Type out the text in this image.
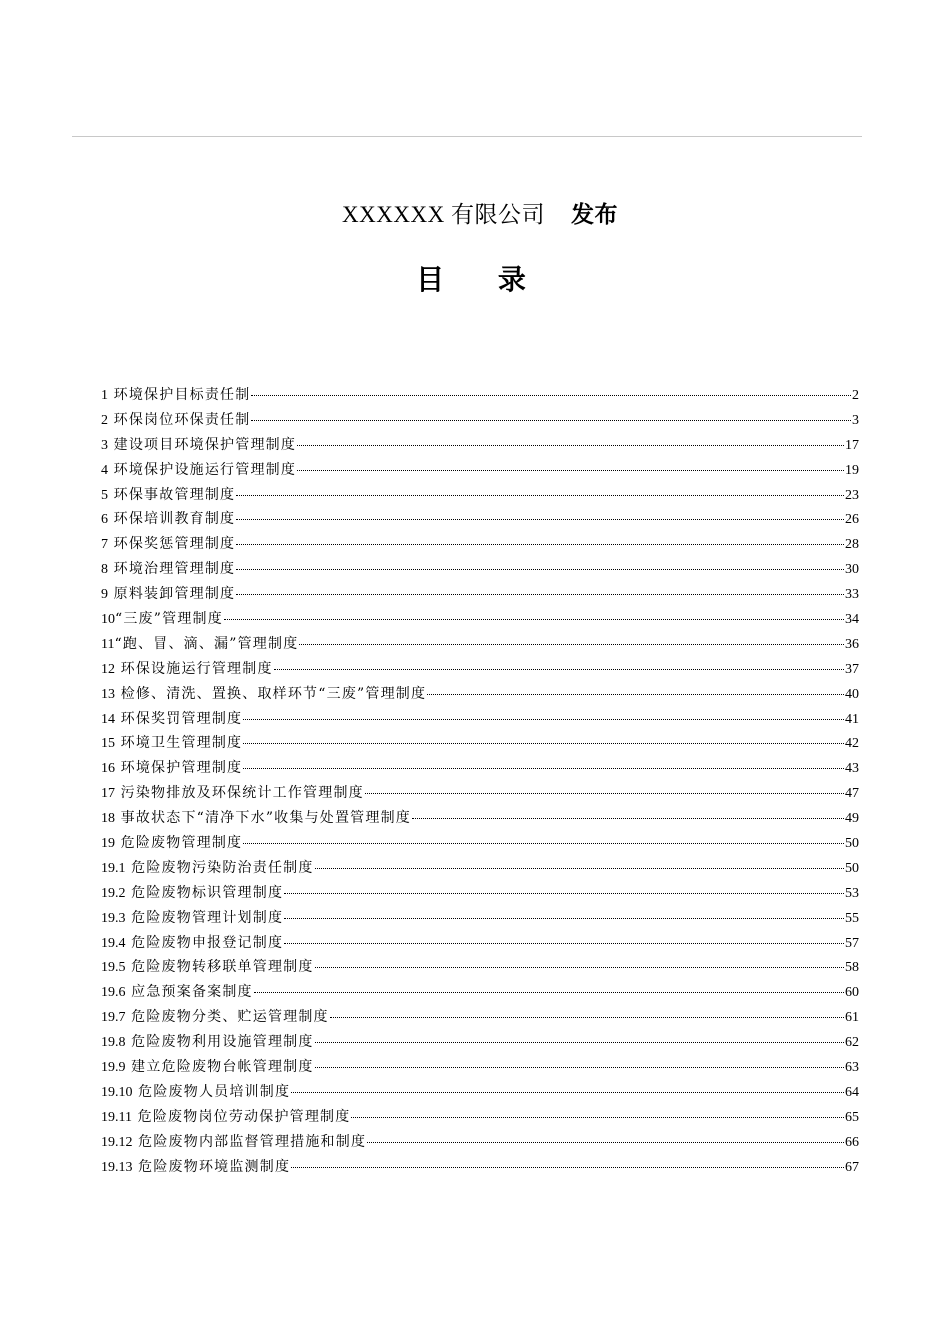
XXXXXX 有限公司 发布
目 录
1 环境保护目标责任制	2
2 环保岗位环保责任制	3
3 建设项目环境保护管理制度	17
4 环境保护设施运行管理制度	19
5 环保事故管理制度	23
6 环保培训教育制度	26
7 环保奖惩管理制度	28
8 环境治理管理制度	30
9 原料装卸管理制度	33
10“三废”管理制度	34
11“跑、冒、滴、漏”管理制度	36
12 环保设施运行管理制度	37
13 检修、清洗、置换、取样环节“三废”管理制度	40
14 环保奖罚管理制度	41
15 环境卫生管理制度	42
16 环境保护管理制度	43
17 污染物排放及环保统计工作管理制度	47
18 事故状态下“清净下水”收集与处置管理制度	49
19 危险废物管理制度	50
19.1 危险废物污染防治责任制度	50
19.2 危险废物标识管理制度	53
19.3 危险废物管理计划制度	55
19.4 危险废物申报登记制度	57
19.5 危险废物转移联单管理制度	58
19.6 应急预案备案制度	60
19.7 危险废物分类、贮运管理制度	61
19.8 危险废物利用设施管理制度	62
19.9 建立危险废物台帐管理制度	63
19.10 危险废物人员培训制度	64
19.11 危险废物岗位劳动保护管理制度	65
19.12 危险废物内部监督管理措施和制度	66
19.13 危险废物环境监测制度	67
